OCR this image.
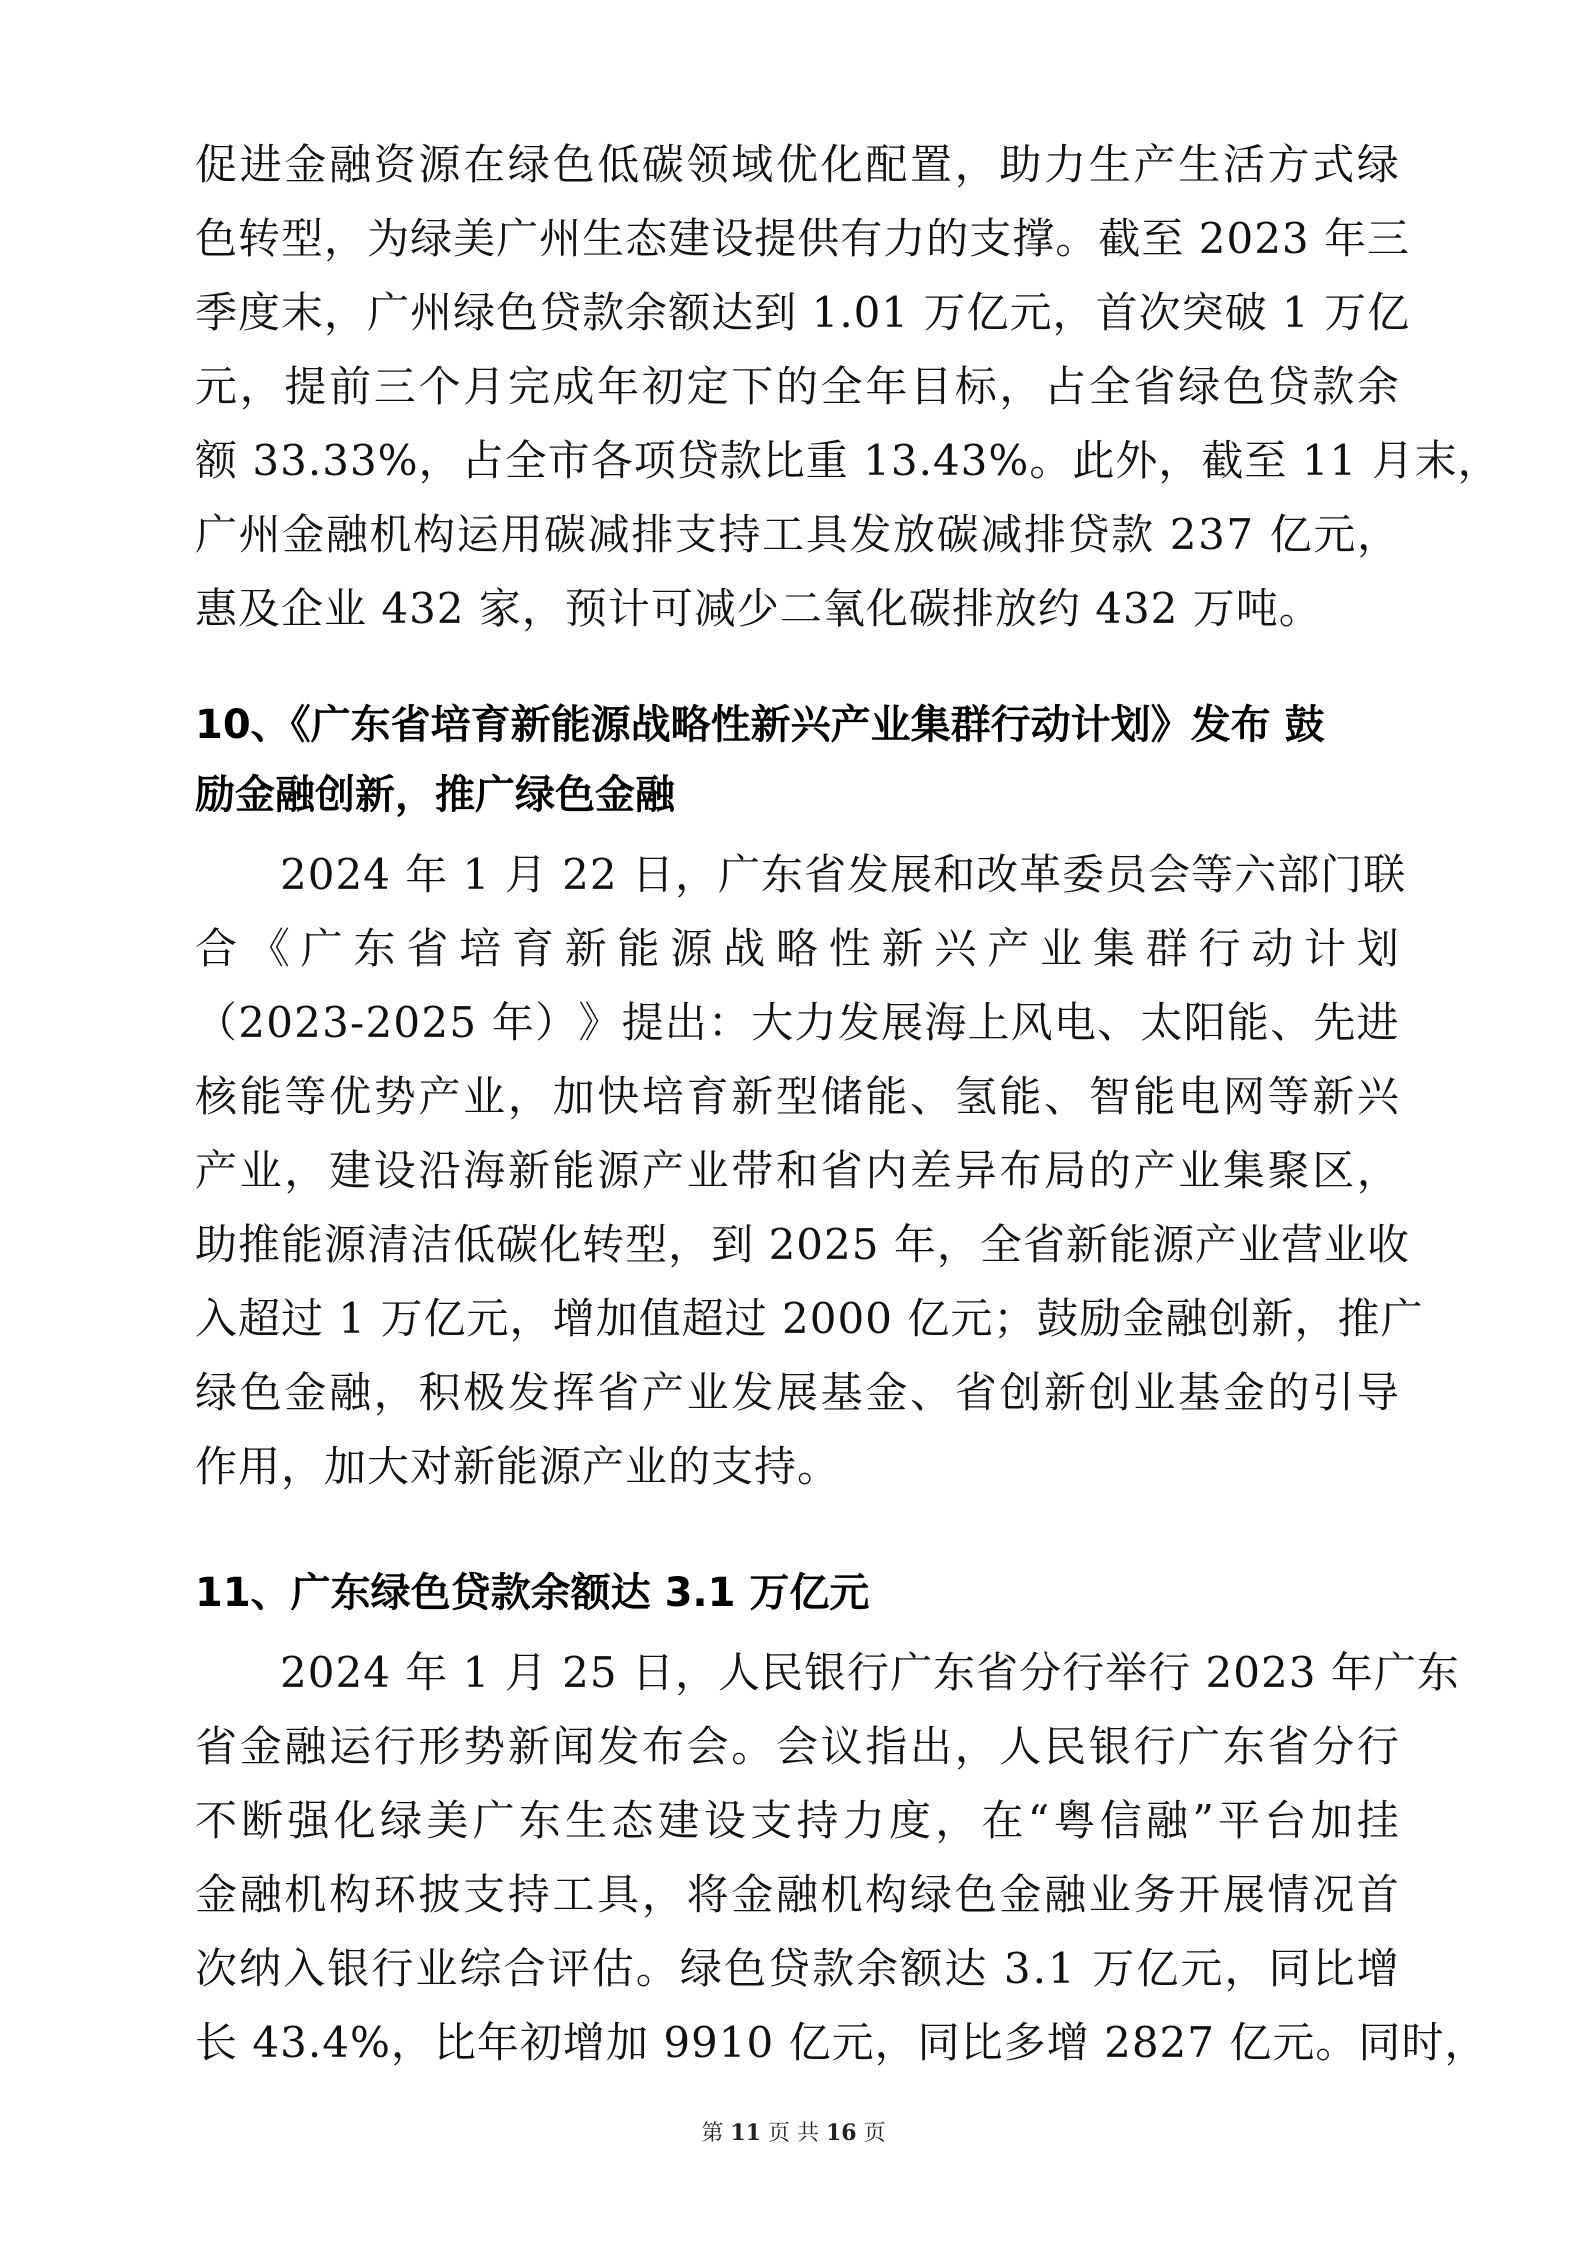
促 进 金 融 资 源 在 绿 色 低 碳 领 域 优 化 配 置 ， 助 力 生 产 生 活 方 式 绿
色 转 型 ， 为 绿 美 广 州 生 态 建 设 提 供 有 力 的 支 撑 。 截 至
2 0 2 3
年 三
季 度 末 ， 广 州 绿 色 贷 款 余 额 达 到
1 . 0 1
万 亿 元 ， 首 次 突 破
1
万 亿
元 ， 提 前 三 个 月 完 成 年 初 定 下 的 全 年 目 标 ， 占 全 省 绿 色 贷 款 余
额
3 3 . 3 3 % ， 占 全 市 各 项 贷 款 比 重
1 3 . 4 3 % 。 此 外 ， 截 至
1 1
月 末 ，
广 州 金 融 机 构 运 用 碳 减 排 支 持 工 具 发 放 碳 减 排 贷 款
2 3 7
亿 元 ，
惠及企业 432 家，预计可减少二氧化碳排放约 432 万吨。
10、《广东省培育新能源战略性新兴产业集群行动计划》发布 鼓
励金融创新，推广绿色金融
2 0 2 4
年
1
月
2 2
日 ， 广 东 省 发 展 和 改 革 委 员 会 等 六 部 门 联
合 《 广 东 省 培 育 新 能 源 战 略 性 新 兴 产 业 集 群 行 动 计 划
（ 2 0 2 3 - 2 0 2 5
年 ） 》 提 出 ： 大 力 发 展 海 上 风 电 、 太 阳 能 、 先 进
核 能 等 优 势 产 业 ， 加 快 培 育 新 型 储 能 、 氢 能 、 智 能 电 网 等 新 兴
产 业 ， 建 设 沿 海 新 能 源 产 业 带 和 省 内 差 异 布 局 的 产 业 集 聚 区 ，
助 推 能 源 清 洁 低 碳 化 转 型 ， 到
2 0 2 5
年 ， 全 省 新 能 源 产 业 营 业 收
入 超 过
1
万 亿 元 ， 增 加 值 超 过
2 0 0 0
亿 元 ； 鼓 励 金 融 创 新 ， 推 广
绿 色 金 融 ， 积 极 发 挥 省 产 业 发 展 基 金 、 省 创 新 创 业 基 金 的 引 导
作用，加大对新能源产业的支持。
11、广东绿色贷款余额达 3.1 万亿元
2 0 2 4
年
1
月
2 5
日 ， 人 民 银 行 广 东 省 分 行 举 行
2 0 2 3
年 广 东
省 金 融 运 行 形 势 新 闻 发 布 会 。 会 议 指 出 ， 人 民 银 行 广 东 省 分 行
不 断 强 化 绿 美 广 东 生 态 建 设 支 持 力 度 ， 在 “ 粤 信 融 ” 平 台 加 挂
金 融 机 构 环 披 支 持 工 具 ， 将 金 融 机 构 绿 色 金 融 业 务 开 展 情 况 首
次 纳 入 银 行 业 综 合 评 估 。 绿 色 贷 款 余 额 达
3 . 1
万 亿 元 ， 同 比 增
长
4 3 . 4 % ， 比 年 初 增 加
9 9 1 0
亿 元 ， 同 比 多 增
2 8 2 7
亿 元 。 同 时 ，
第 11 页 共 16 页
